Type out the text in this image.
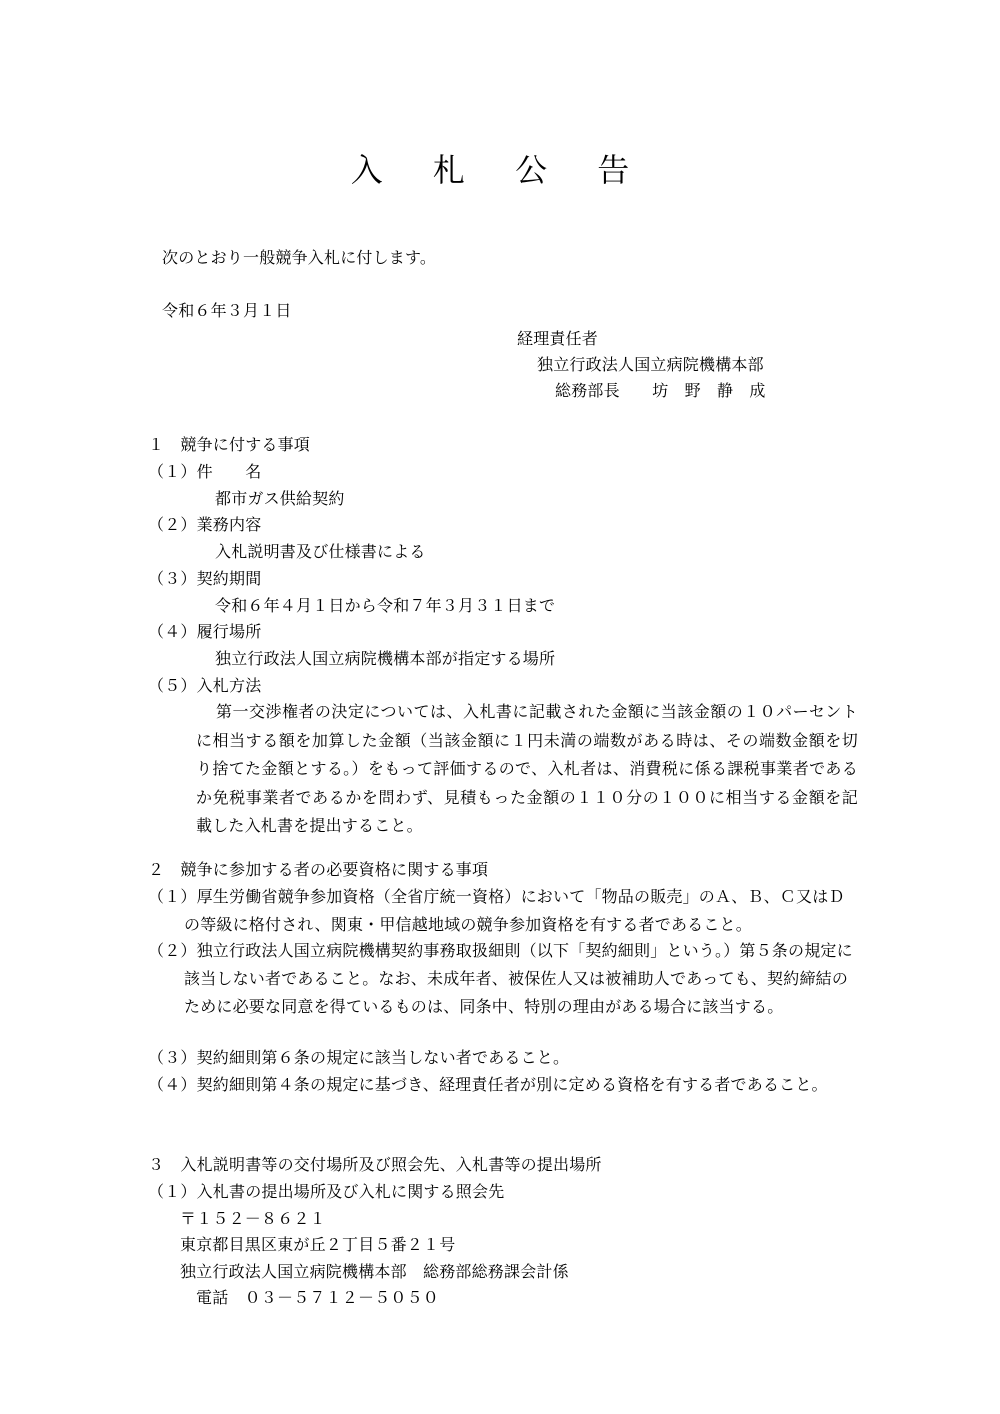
入 札 公 告
次のとおり一般競争入札に付します。
令和６年３月１日
経理責任者
独立行政法人国立病院機構本部
総務部長　　坊　野　静　成
１　競争に付する事項
（１）件　　名
都市ガス供給契約
（２）業務内容
入札説明書及び仕様書による
（３）契約期間
令和６年４月１日から令和７年３月３１日まで
（４）履行場所
独立行政法人国立病院機構本部が指定する場所
（５）入札方法
第一交渉権者の決定については、入札書に記載された金額に当該金額の１０パーセントに相当する額を加算した金額（当該金額に１円未満の端数がある時は、その端数金額を切り捨てた金額とする。）をもって評価するので、入札者は、消費税に係る課税事業者であるか免税事業者であるかを問わず、見積もった金額の１１０分の１００に相当する金額を記載した入札書を提出すること。
２　競争に参加する者の必要資格に関する事項
（１）厚生労働省競争参加資格（全省庁統一資格）において「物品の販売」のＡ、Ｂ、Ｃ又はＤの等級に格付され、関東・甲信越地域の競争参加資格を有する者であること。
（２）独立行政法人国立病院機構契約事務取扱細則（以下「契約細則」という。）第５条の規定に該当しない者であること。なお、未成年者、被保佐人又は被補助人であっても、契約締結のために必要な同意を得ているものは、同条中、特別の理由がある場合に該当する。
（３）契約細則第６条の規定に該当しない者であること。
（４）契約細則第４条の規定に基づき、経理責任者が別に定める資格を有する者であること。
３　入札説明書等の交付場所及び照会先、入札書等の提出場所
（１）入札書の提出場所及び入札に関する照会先
〒１５２－８６２１
東京都目黒区東が丘２丁目５番２１号
独立行政法人国立病院機構本部　総務部総務課会計係
電話　０３－５７１２－５０５０
